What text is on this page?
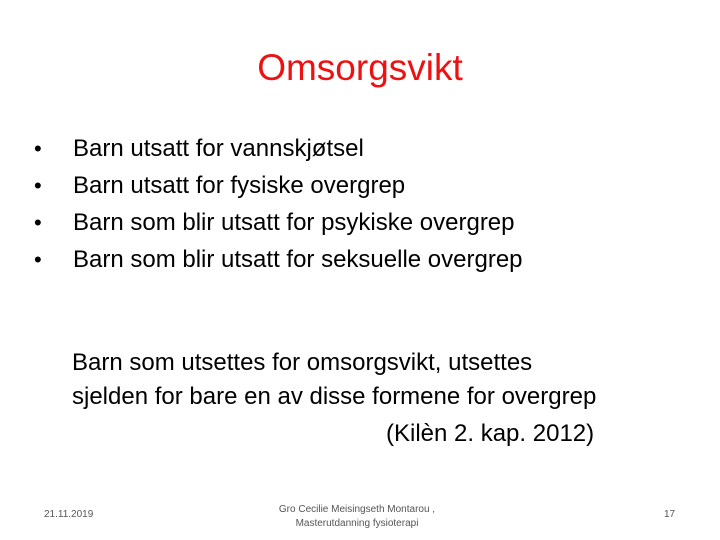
Omsorgsvikt
•	Barn utsatt for vannskjøtsel
•	Barn utsatt for fysiske overgrep
•	Barn som blir utsatt for psykiske overgrep
•	Barn som blir utsatt for seksuelle overgrep

Barn som utsettes for omsorgsvikt, utsettes
sjelden for bare en av disse formene for overgrep
(Kilèn 2. kap. 2012)

21.11.2019	Gro Cecilie Meisingseth Montarou ,
Masterutdanning fysioterapi
17
